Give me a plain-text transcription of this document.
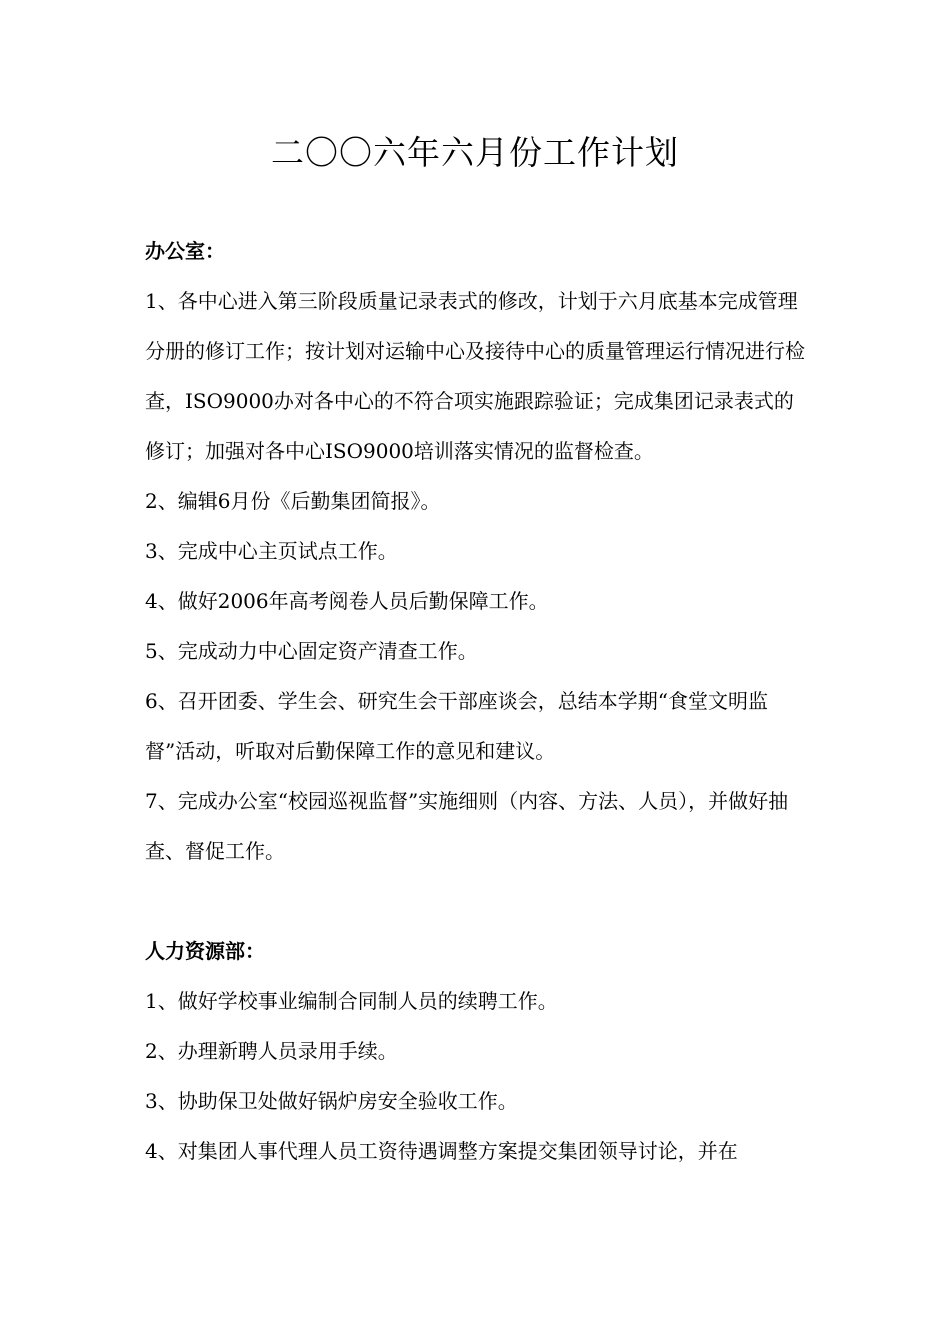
二〇〇六年六月份工作计划
办公室：

1、各中心进入第三阶段质量记录表式的修改，计划于六月底基本完成管理分册的修订工作；按计划对运输中心及接待中心的质量管理运行情况进行检查，ISO9000办对各中心的不符合项实施跟踪验证；完成集团记录表式的修订；加强对各中心ISO9000培训落实情况的监督检查。

2、编辑6月份《后勤集团简报》。

3、完成中心主页试点工作。

4、做好2006年高考阅卷人员后勤保障工作。

5、完成动力中心固定资产清查工作。

6、召开团委、学生会、研究生会干部座谈会，总结本学期“食堂文明监督”活动，听取对后勤保障工作的意见和建议。

7、完成办公室“校园巡视监督”实施细则（内容、方法、人员），并做好抽查、督促工作。

人力资源部：

1、做好学校事业编制合同制人员的续聘工作。

2、办理新聘人员录用手续。

3、协助保卫处做好锅炉房安全验收工作。

4、对集团人事代理人员工资待遇调整方案提交集团领导讨论，并在
